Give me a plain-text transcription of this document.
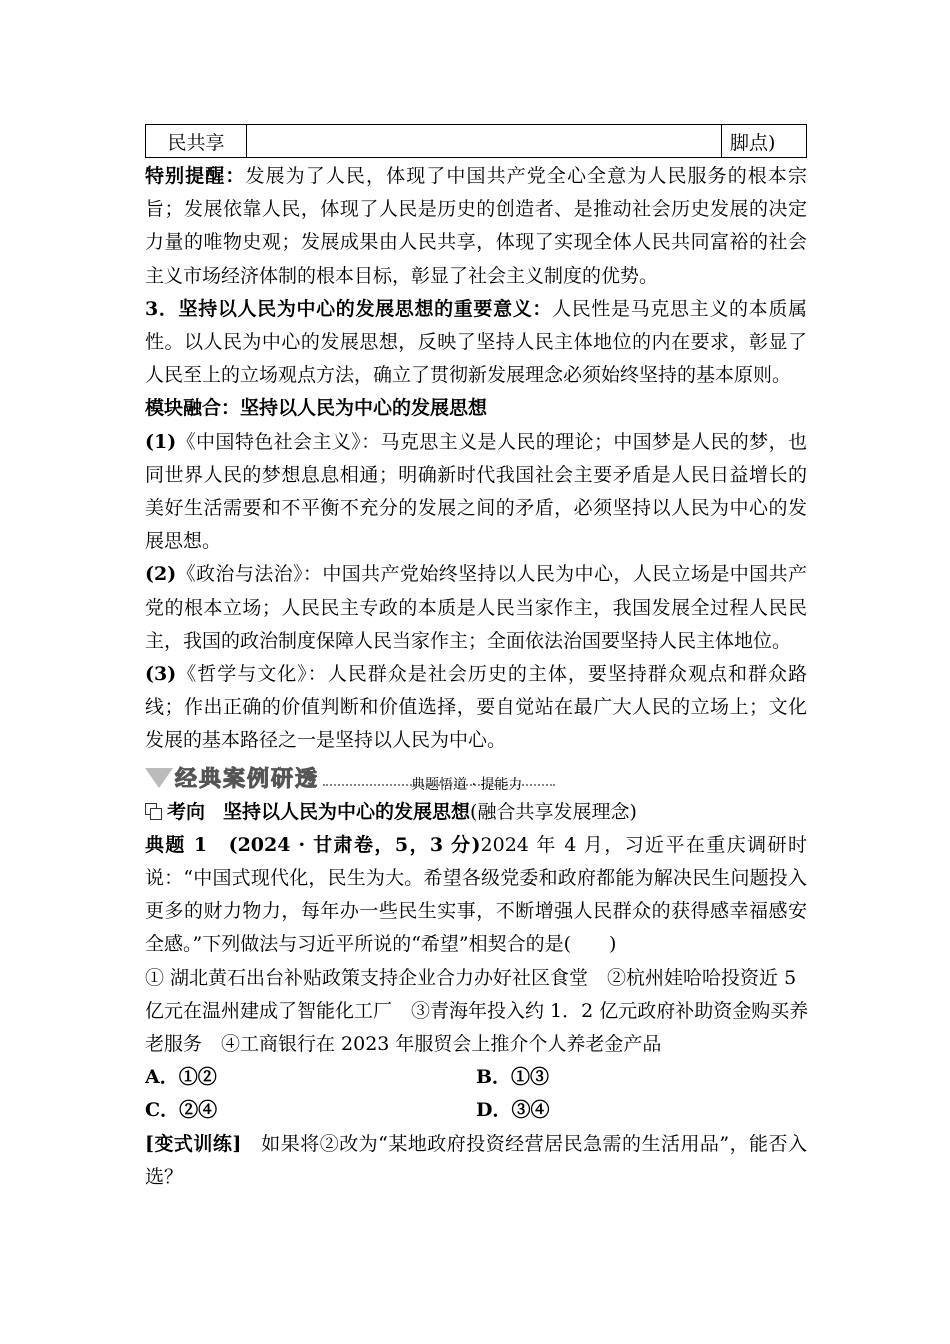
民共享		脚点)

特别提醒：发展为了人民，体现了中国共产党全心全意为人民服务的根本宗旨；发展依靠人民，体现了人民是历史的创造者、是推动社会历史发展的决定力量的唯物史观；发展成果由人民共享，体现了实现全体人民共同富裕的社会主义市场经济体制的根本目标，彰显了社会主义制度的优势。

3．坚持以人民为中心的发展思想的重要意义：人民性是马克思主义的本质属性。以人民为中心的发展思想，反映了坚持人民主体地位的内在要求，彰显了人民至上的立场观点方法，确立了贯彻新发展理念必须始终坚持的基本原则。

模块融合：坚持以人民为中心的发展思想

(1)《中国特色社会主义》：马克思主义是人民的理论；中国梦是人民的梦，也同世界人民的梦想息息相通；明确新时代我国社会主要矛盾是人民日益增长的美好生活需要和不平衡不充分的发展之间的矛盾，必须坚持以人民为中心的发展思想。

(2)《政治与法治》：中国共产党始终坚持以人民为中心，人民立场是中国共产党的根本立场；人民民主专政的本质是人民当家作主，我国发展全过程人民民主，我国的政治制度保障人民当家作主；全面依法治国要坚持人民主体地位。

(3)《哲学与文化》：人民群众是社会历史的主体，要坚持群众观点和群众路线；作出正确的价值判断和价值选择，要自觉站在最广大人民的立场上；文化发展的基本路径之一是坚持以人民为中心。

经典案例研透	典题悟道 · 提能力
考向 坚持以人民为中心的发展思想 (融合共享发展理念)

典题 1 (2024 · 甘肃卷，5，3 分)2024 年 4 月，习近平在重庆调研时说：“中国式现代化，民生为大。希望各级党委和政府都能为解决民生问题投入更多的财力物力，每年办一些民生实事，不断增强人民群众的获得感幸福感安全感。”下列做法与习近平所说的“希望”相契合的是(　　)

① 湖北黄石出台补贴政策支持企业合力办好社区食堂　②杭州娃哈哈投资近 5
亿元在温州建成了智能化工厂　③青海年投入约 1．2 亿元政府补助资金购买养
老服务　④工商银行在 2023 年服贸会上推介个人养老金产品
A．①②	B．①③
C．②④	D．③④

[变式训练]　如果将②改为“某地政府投资经营居民急需的生活用品”，能否入选？
